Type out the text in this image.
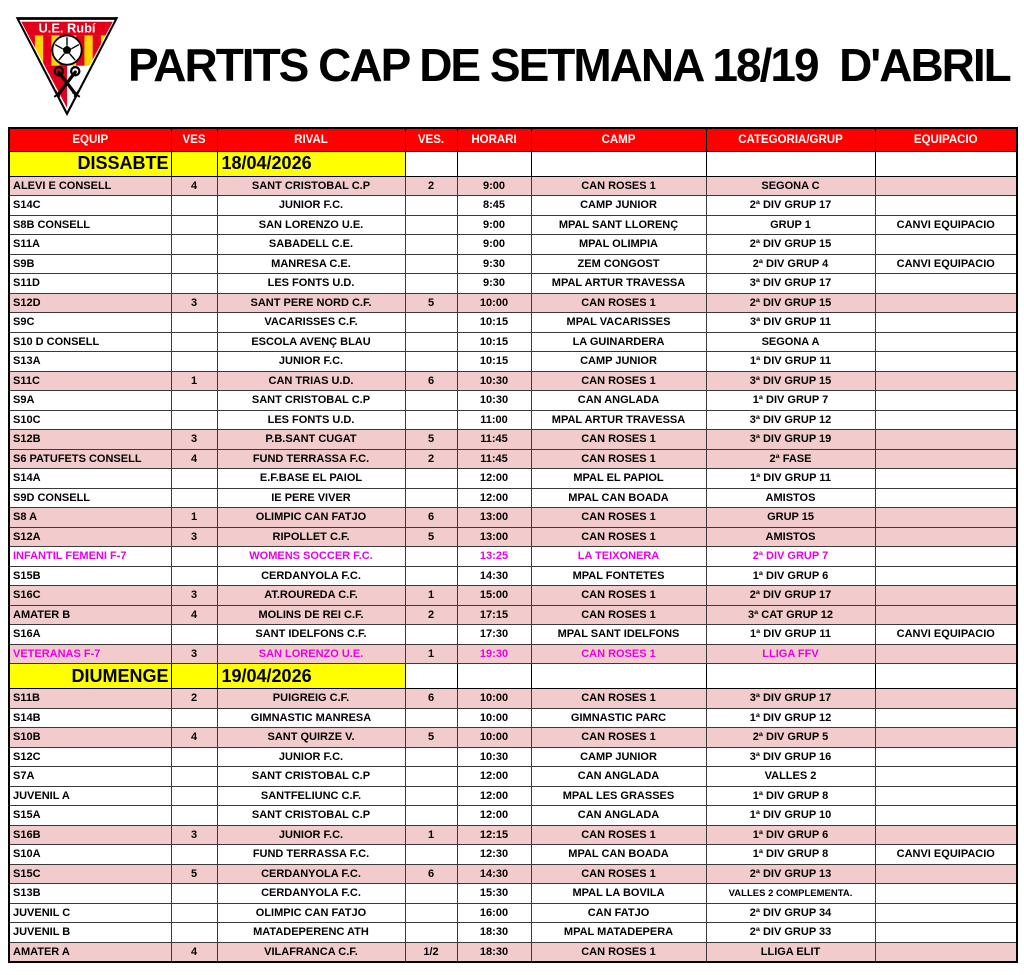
U.E. Rubí
PARTITS CAP DE SETMANA 18/19  D'ABRIL
EQUIP	VES	RIVAL	VES.	HORARI	CAMP	CATEGORIA/GRUP	EQUIPACIO
DISSABTE		18/04/2026					
ALEVI E CONSELL	4	SANT CRISTOBAL C.P	2	9:00	CAN ROSES 1	SEGONA C	
S14C		JUNIOR F.C.		8:45	CAMP JUNIOR	2ª DIV GRUP 17	
S8B CONSELL		SAN LORENZO U.E.		9:00	MPAL SANT LLORENÇ	GRUP 1	CANVI EQUIPACIO
S11A		SABADELL C.E.		9:00	MPAL OLIMPIA	2ª DIV GRUP 15	
S9B		MANRESA C.E.		9:30	ZEM CONGOST	2ª DIV GRUP 4	CANVI EQUIPACIO
S11D		LES FONTS U.D.		9:30	MPAL ARTUR TRAVESSA	3ª DIV GRUP 17	
S12D	3	SANT PERE NORD C.F.	5	10:00	CAN ROSES 1	2ª DIV GRUP 15	
S9C		VACARISSES C.F.		10:15	MPAL VACARISSES	3ª DIV GRUP 11	
S10 D CONSELL		ESCOLA AVENÇ BLAU		10:15	LA GUINARDERA	SEGONA A	
S13A		JUNIOR F.C.		10:15	CAMP JUNIOR	1ª DIV GRUP 11	
S11C	1	CAN TRIAS U.D.	6	10:30	CAN ROSES 1	3ª DIV GRUP 15	
S9A		SANT CRISTOBAL C.P		10:30	CAN ANGLADA	1ª DIV GRUP 7	
S10C		LES FONTS U.D.		11:00	MPAL ARTUR TRAVESSA	3ª DIV GRUP 12	
S12B	3	P.B.SANT CUGAT	5	11:45	CAN ROSES 1	3ª DIV GRUP 19	
S6 PATUFETS CONSELL	4	FUND TERRASSA F.C.	2	11:45	CAN ROSES 1	2ª FASE	
S14A		E.F.BASE EL PAIOL		12:00	MPAL EL PAPIOL	1ª DIV GRUP 11	
S9D CONSELL		IE PERE VIVER		12:00	MPAL CAN BOADA	AMISTOS	
S8 A	1	OLIMPIC CAN FATJO	6	13:00	CAN ROSES 1	GRUP 15	
S12A	3	RIPOLLET C.F.	5	13:00	CAN ROSES 1	AMISTOS	
INFANTIL FEMENI F-7		WOMENS SOCCER F.C.		13:25	LA TEIXONERA	2ª DIV GRUP 7	
S15B		CERDANYOLA F.C.		14:30	MPAL FONTETES	1ª DIV GRUP 6	
S16C	3	AT.ROUREDA C.F.	1	15:00	CAN ROSES 1	2ª DIV GRUP 17	
AMATER B	4	MOLINS DE REI C.F.	2	17:15	CAN ROSES 1	3ª CAT GRUP 12	
S16A		SANT IDELFONS C.F.		17:30	MPAL SANT IDELFONS	1ª DIV GRUP 11	CANVI EQUIPACIO
VETERANAS F-7	3	SAN LORENZO U.E.	1	19:30	CAN ROSES 1	LLIGA FFV	
DIUMENGE		19/04/2026					
S11B	2	PUIGREIG C.F.	6	10:00	CAN ROSES 1	3ª DIV GRUP 17	
S14B		GIMNASTIC MANRESA		10:00	GIMNASTIC PARC	1ª DIV GRUP 12	
S10B	4	SANT QUIRZE V.	5	10:00	CAN ROSES 1	2ª DIV GRUP 5	
S12C		JUNIOR F.C.		10:30	CAMP JUNIOR	3ª DIV GRUP 16	
S7A		SANT CRISTOBAL C.P		12:00	CAN ANGLADA	VALLES 2	
JUVENIL A		SANTFELIUNC C.F.		12:00	MPAL LES GRASSES	1ª DIV GRUP 8	
S15A		SANT CRISTOBAL C.P		12:00	CAN ANGLADA	1ª DIV GRUP 10	
S16B	3	JUNIOR F.C.	1	12:15	CAN ROSES 1	1ª DIV GRUP 6	
S10A		FUND TERRASSA F.C.		12:30	MPAL CAN BOADA	1ª DIV GRUP 8	CANVI EQUIPACIO
S15C	5	CERDANYOLA F.C.	6	14:30	CAN ROSES 1	2ª DIV GRUP 13	
S13B		CERDANYOLA F.C.		15:30	MPAL LA BOVILA	VALLES 2 COMPLEMENTA.	
JUVENIL C		OLIMPIC CAN FATJO		16:00	CAN FATJO	2ª DIV GRUP 34	
JUVENIL B		MATADEPERENC ATH		18:30	MPAL MATADEPERA	2ª DIV GRUP 33	
AMATER A	4	VILAFRANCA C.F.	1/2	18:30	CAN ROSES 1	LLIGA ELIT	
